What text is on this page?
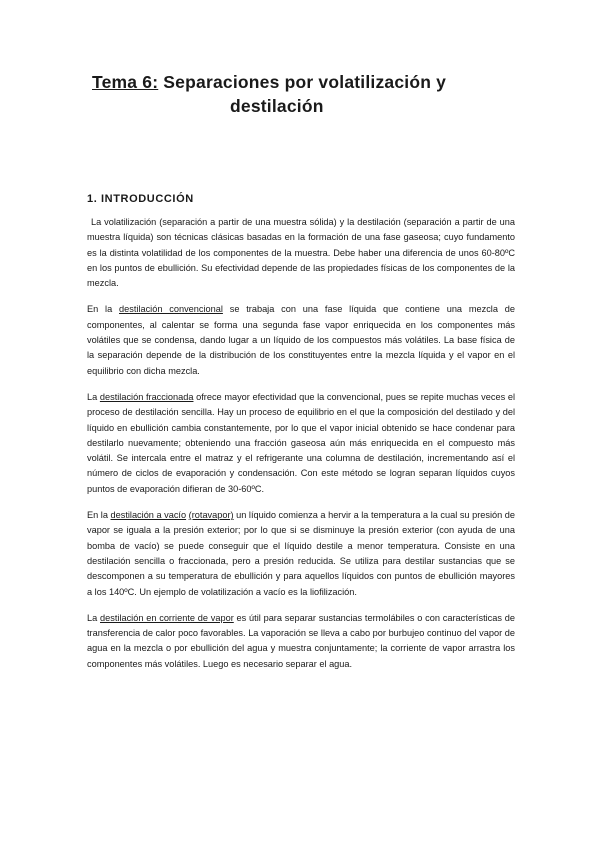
Tema 6: Separaciones por volatilización y
destilación
1. INTRODUCCIÓN

La volatilización (separación a partir de una muestra sólida) y la destilación (separación a partir de una muestra líquida) son técnicas clásicas basadas en la formación de una fase gaseosa; cuyo fundamento es la distinta volatilidad de los componentes de la muestra. Debe haber una diferencia de unos 60-80ºC en los puntos de ebullición. Su efectividad depende de las propiedades físicas de los componentes de la mezcla.

En la destilación convencional se trabaja con una fase líquida que contiene una mezcla de componentes, al calentar se forma una segunda fase vapor enriquecida en los componentes más volátiles que se condensa, dando lugar a un líquido de los compuestos más volátiles. La base física de la separación depende de la distribución de los constituyentes entre la mezcla líquida y el vapor en el equilibrio con dicha mezcla.

La destilación fraccionada ofrece mayor efectividad que la convencional, pues se repite muchas veces el proceso de destilación sencilla. Hay un proceso de equilibrio en el que la composición del destilado y del líquido en ebullición cambia constantemente, por lo que el vapor inicial obtenido se hace condenar para destilarlo nuevamente; obteniendo una fracción gaseosa aún más enriquecida en el compuesto más volátil. Se intercala entre el matraz y el refrigerante una columna de destilación, incrementando así el número de ciclos de evaporación y condensación. Con este método se logran separan líquidos cuyos puntos de evaporación difieran de 30-60ºC.

En la destilación a vacío (rotavapor) un líquido comienza a hervir a la temperatura a la cual su presión de vapor se iguala a la presión exterior; por lo que si se disminuye la presión exterior (con ayuda de una bomba de vacío) se puede conseguir que el líquido destile a menor temperatura. Consiste en una destilación sencilla o fraccionada, pero a presión reducida. Se utiliza para destilar sustancias que se descomponen a su temperatura de ebullición y para aquellos líquidos con puntos de ebullición mayores a los 140ºC. Un ejemplo de volatilización a vacío es la liofilización.

La destilación en corriente de vapor es útil para separar sustancias termolábiles o con características de transferencia de calor poco favorables. La vaporación se lleva a cabo por burbujeo continuo del vapor de agua en la mezcla o por ebullición del agua y muestra conjuntamente; la corriente de vapor arrastra los componentes más volátiles. Luego es necesario separar el agua.
